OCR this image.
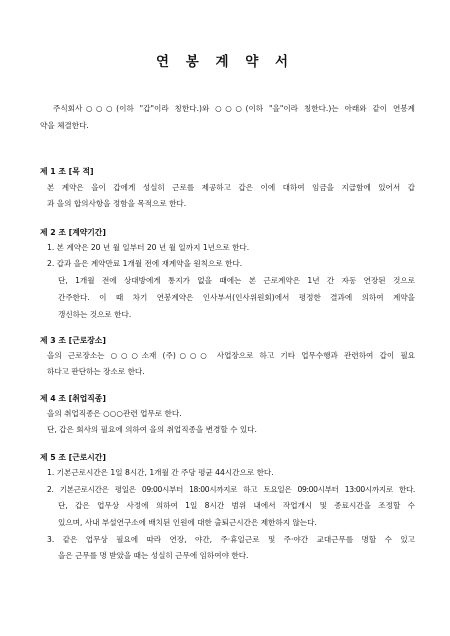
연 봉 계 약 서
주식회사○○○(이하 "갑"이라 칭한다.)와 ○○○(이하 "을"이라 칭한다.)는 아래와 같이 연봉계
약을 체결한다.
제 1 조 [목 적]
본 계약은 을이 갑에게 성실히 근로를 제공하고 갑은 이에 대하여 임금을 지급함에 있어서 갑
과 을의 합의사항을 정함을 목적으로 한다.
제 2 조 [계약기간]
1. 본 계약은 20 년 월 일부터 20 년 월 일까지 1년으로 한다.
2. 갑과 을은 계약만료 1개월 전에 재계약을 원칙으로 한다.
단, 1개월 전에 상대방에게 통지가 없을 때에는 본 근로계약은 1년 간 자동 연장된 것으로
간주한다. 이 때 차기 연봉계약은 인사부서(인사위원회)에서 평정한 결과에 의하여 계약을
갱신하는 것으로 한다.
제 3 조 [근로장소]
을의 근로장소는 ○○○소재 (주)○○○ 사업장으로 하고 기타 업무수행과 관련하여 갑이 필요
하다고 판단하는 장소로 한다.
제 4 조 [취업직종]
을의 취업직종은 ○○○관련 업무로 한다.
단, 갑은 회사의 필요에 의하여 을의 취업직종을 변경할 수 있다.
제 5 조 [근로시간]
1. 기본근로시간은 1일 8시간, 1개월 간 주당 평균 44시간으로 한다.
2. 기본근로시간은 평일은 09:00시부터 18:00시까지로 하고 토요일은 09:00시부터 13:00시까지로 한다.
단, 갑은 업무상 사정에 의하여 1일 8시간 범위 내에서 작업개시 및 종료시간을 조정할 수
있으며, 사내 부설연구소에 배치된 인원에 대한 출퇴근시간은 제한하지 않는다.
3. 같은 업무상 필요에 따라 연장, 야간, 주·휴일근로 및 주·야간 교대근무를 명할 수 있고
을은 근무를 명 받았을 때는 성실히 근무에 임하여야 한다.
